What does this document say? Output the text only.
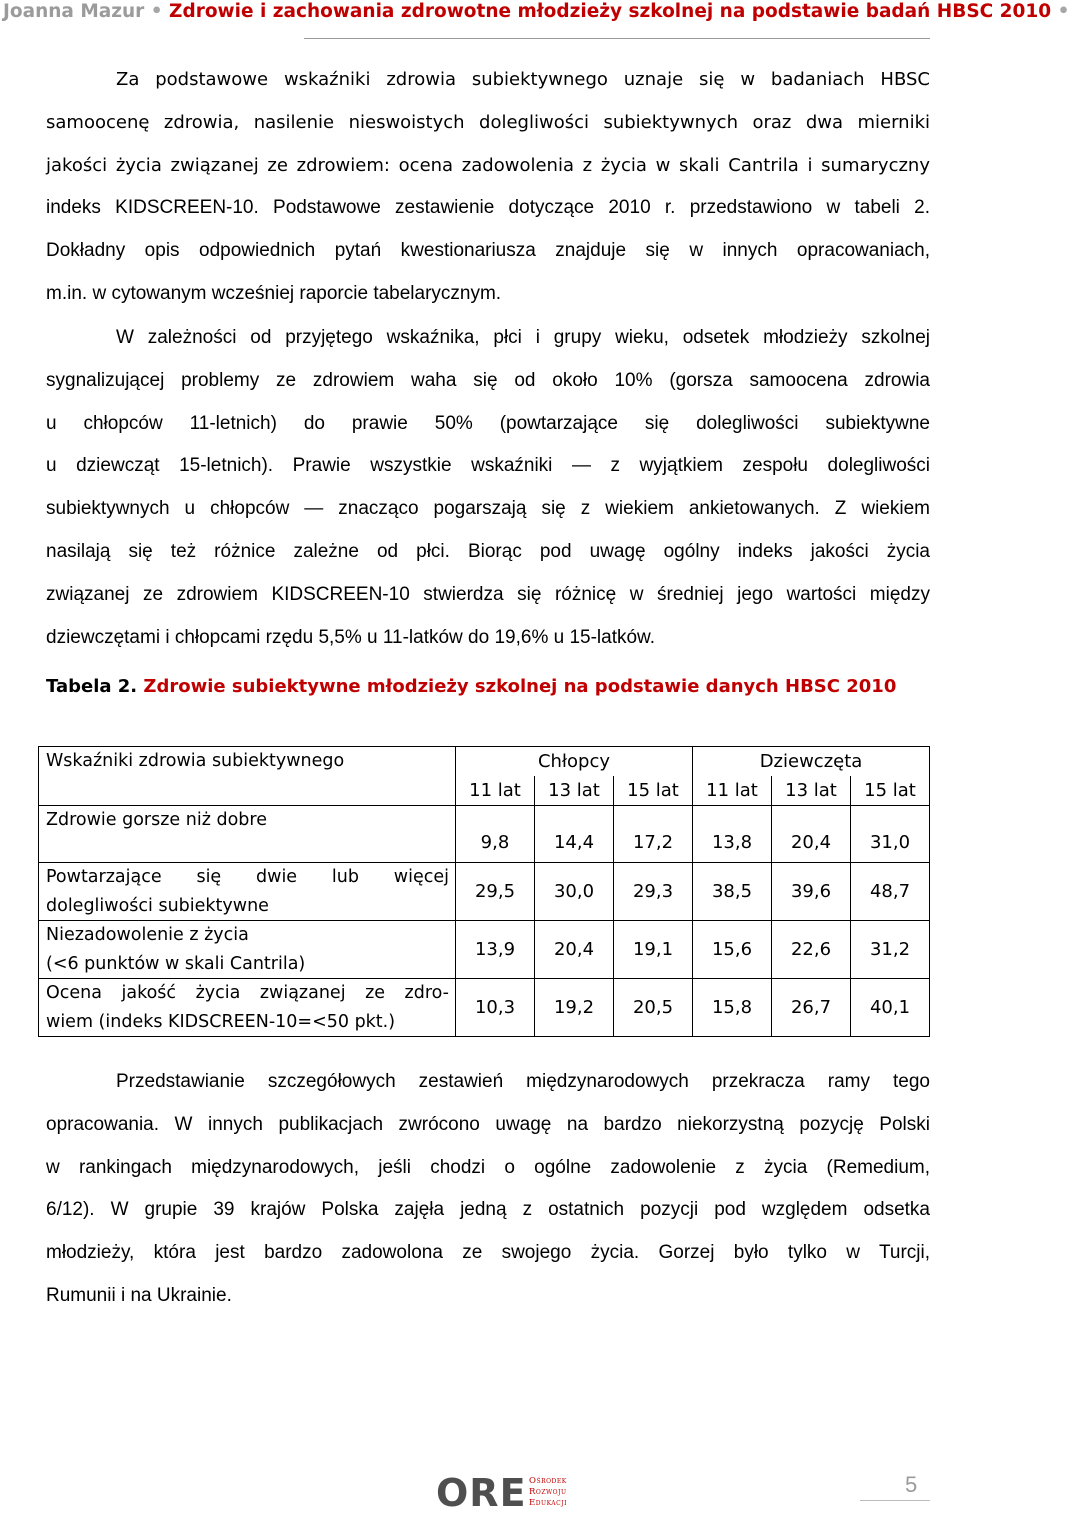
Joanna Mazur • Zdrowie i zachowania zdrowotne młodzieży szkolnej na podstawie badań HBSC 2010 •
Za podstawowe wskaźniki zdrowia subiektywnego uznaje się w badaniach HBSC
samoocenę zdrowia, nasilenie nieswoistych dolegliwości subiektywnych oraz dwa mierniki
jakości życia związanej ze zdrowiem: ocena zadowolenia z życia w skali Cantrila i sumaryczny
indeks KIDSCREEN-10. Podstawowe zestawienie dotyczące 2010 r. przedstawiono w tabeli 2.
Dokładny opis odpowiednich pytań kwestionariusza znajduje się w innych opracowaniach,
m.in. w cytowanym wcześniej raporcie tabelarycznym.
W zależności od przyjętego wskaźnika, płci i grupy wieku, odsetek młodzieży szkolnej
sygnalizującej problemy ze zdrowiem waha się od około 10% (gorsza samoocena zdrowia
u chłopców 11-letnich) do prawie 50% (powtarzające się dolegliwości subiektywne
u dziewcząt 15-letnich). Prawie wszystkie wskaźniki — z wyjątkiem zespołu dolegliwości
subiektywnych u chłopców — znacząco pogarszają się z wiekiem ankietowanych. Z wiekiem
nasilają się też różnice zależne od płci. Biorąc pod uwagę ogólny indeks jakości życia
związanej ze zdrowiem KIDSCREEN-10 stwierdza się różnicę w średniej jego wartości między
dziewczętami i chłopcami rzędu 5,5% u 11-latków do 19,6% u 15-latków.
Tabela 2. Zdrowie subiektywne młodzieży szkolnej na podstawie danych HBSC 2010
Wskaźniki zdrowia subiektywnego	Chłopcy			Dziewczęta		
	11 lat	13 lat	15 lat	11 lat	13 lat	15 lat
Zdrowie gorsze niż dobre	9,8	14,4	17,2	13,8	20,4	31,0

Powtarzające się dwie lub więcej
dolegliwości subiektywne	29,5	30,0	29,3	38,5	39,6	48,7

Niezadowolenie z życia
(<6 punktów w skali Cantrila)	13,9	20,4	19,1	15,6	22,6	31,2

Ocena jakość życia związanej ze zdro-
wiem (indeks KIDSCREEN-10=<50 pkt.)	10,3	19,2	20,5	15,8	26,7	40,1
Przedstawianie szczegółowych zestawień międzynarodowych przekracza ramy tego
opracowania. W innych publikacjach zwrócono uwagę na bardzo niekorzystną pozycję Polski
w rankingach międzynarodowych, jeśli chodzi o ogólne zadowolenie z życia (Remedium,
6/12). W grupie 39 krajów Polska zajęła jedną z ostatnich pozycji pod względem odsetka
młodzieży, która jest bardzo zadowolona ze swojego życia. Gorzej było tylko w Turcji,
Rumunii i na Ukrainie.
ORE Ośrodek
Rozwoju
Edukacji
5
